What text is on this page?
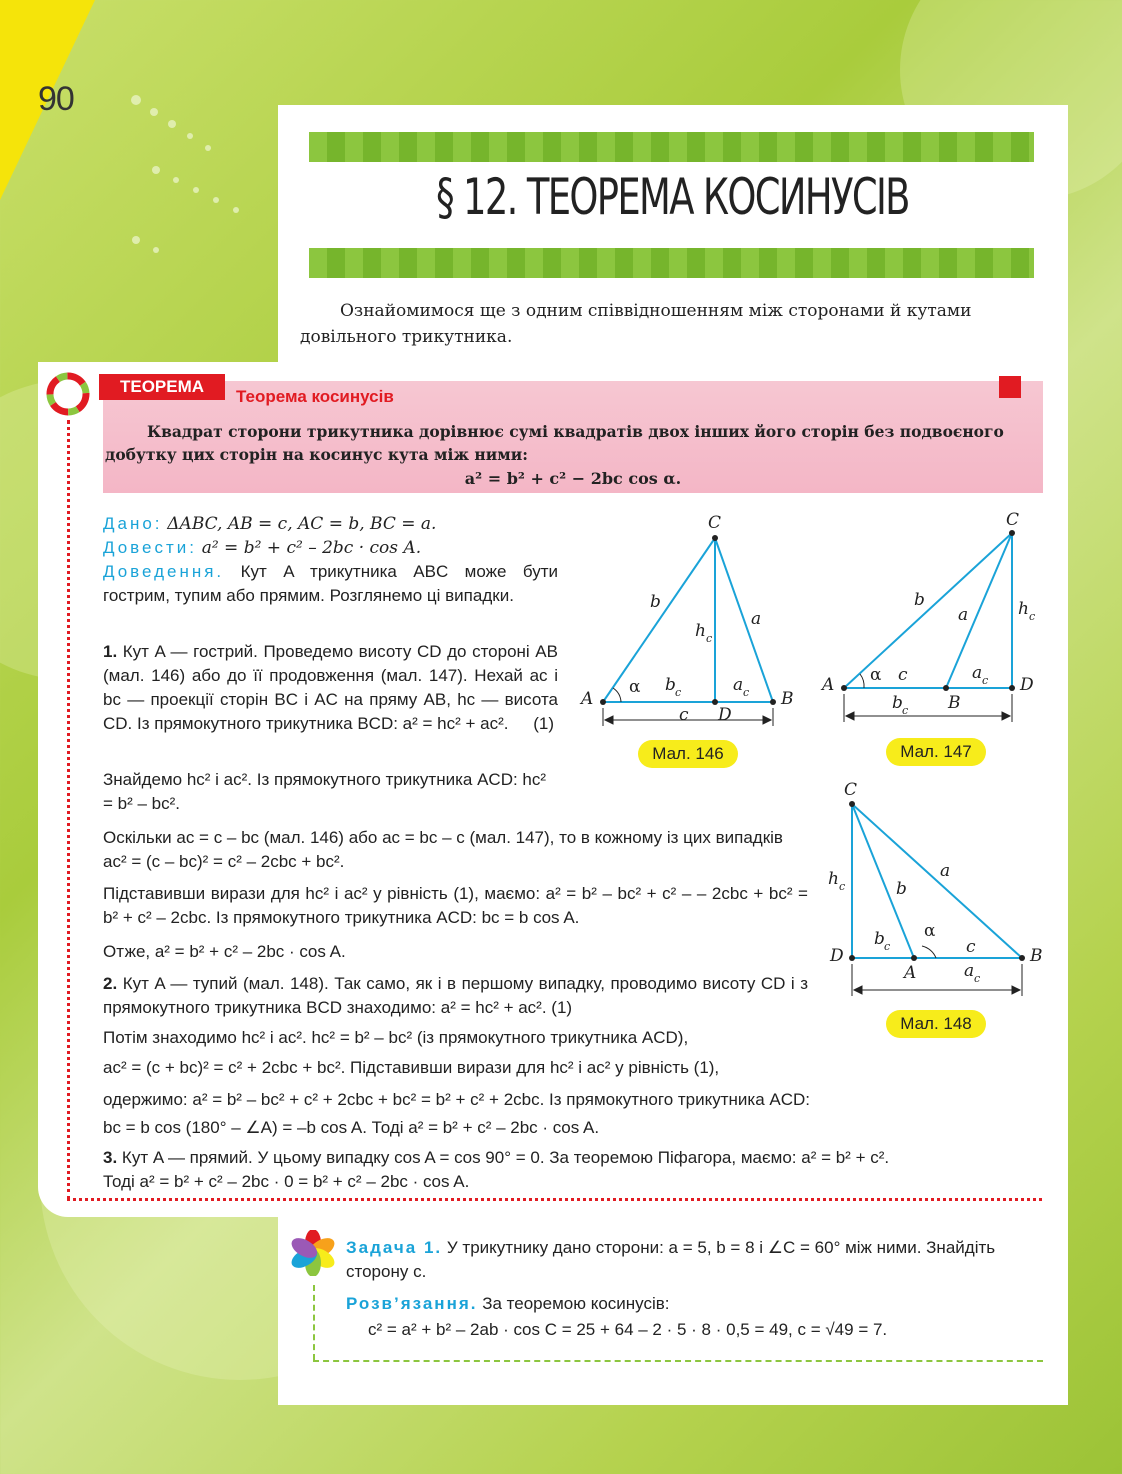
90
§ 12. ТЕОРЕМА КОСИНУСІВ
Ознайомимося ще з одним співвідношенням між сторонами й кутами довільного трикутника.
ТЕОРЕМА
Теорема косинусів
Квадрат сторони трикутника дорівнює сумі квадратів двох інших його сторін без подвоєного добутку цих сторін на косинус кута між ними:
a² = b² + c² − 2bc cos α.
Дано: ΔABC, AB = c, AC = b, BC = a.
Довести: a² = b² + c² – 2bc · cos A.
Доведення. Кут A трикутника ABC може бути гострим, тупим або прямим. Розглянемо ці випадки.
1. Кут A — гострий. Проведемо висоту CD до стороні AB (мал. 146) або до її продовження (мал. 147). Нехай aс і bс — проекції сторін BC і AC на пряму AB, hс — висота CD. Із прямокутного трикутника BCD: a² = hс² + aс². (1)
Знайдемо hс² і aс². Із прямокутного трикутника ACD: hс² = b² – bс².
Оскільки aс = c – bс (мал. 146) або aс = bс – c (мал. 147), то в кожному із цих випадків aс² = (c – bс)² = c² – 2cbс + bс².
Підставивши вирази для hс² і aс² у рівність (1), маємо: a² = b² – bс² + c² – – 2cbс + bс² = b² + c² – 2cbс. Із прямокутного трикутника ACD: bс = b cos A.
Отже, a² = b² + c² – 2bc · cos A.
2. Кут A — тупий (мал. 148). Так само, як і в першому випадку, проводимо висоту CD і з прямокутного трикутника BCD знаходимо: a² = hс² + aс². (1)
Потім знаходимо hс² і aс². hс² = b² – bс² (із прямокутного трикутника ACD),
aс² = (c + bс)² = c² + 2cbс + bс². Підставивши вирази для hс² і aс² у рівність (1),
одержимо: a² = b² – bс² + c² + 2cbс + bс² = b² + c² + 2cbс. Із прямокутного трикутника ACD:
bс = b cos (180° – ∠A) = –b cos A. Тоді a² = b² + c² – 2bc · cos A.
3. Кут A — прямий. У цьому випадку cos A = cos 90° = 0. За теоремою Піфагора, маємо: a² = b² + c².
Тоді a² = b² + c² – 2bc · 0 = b² + c² – 2bc · cos A.
C
A	B
D
b
a
h c
b c	a c
α
c
Мал. 146
C
A
B
D
b
a	h c
c
α	a c
b c
Мал. 147
C
D
A
B
h c	b
a
b c
α
c
a c
Мал. 148
Задача 1. У трикутнику дано сторони: a = 5, b = 8 і ∠C = 60° між ними. Знайдіть сторону c.
Розв’язання. За теоремою косинусів:
c² = a² + b² – 2ab · cos C = 25 + 64 – 2 · 5 · 8 · 0,5 = 49, c = √49 = 7.
